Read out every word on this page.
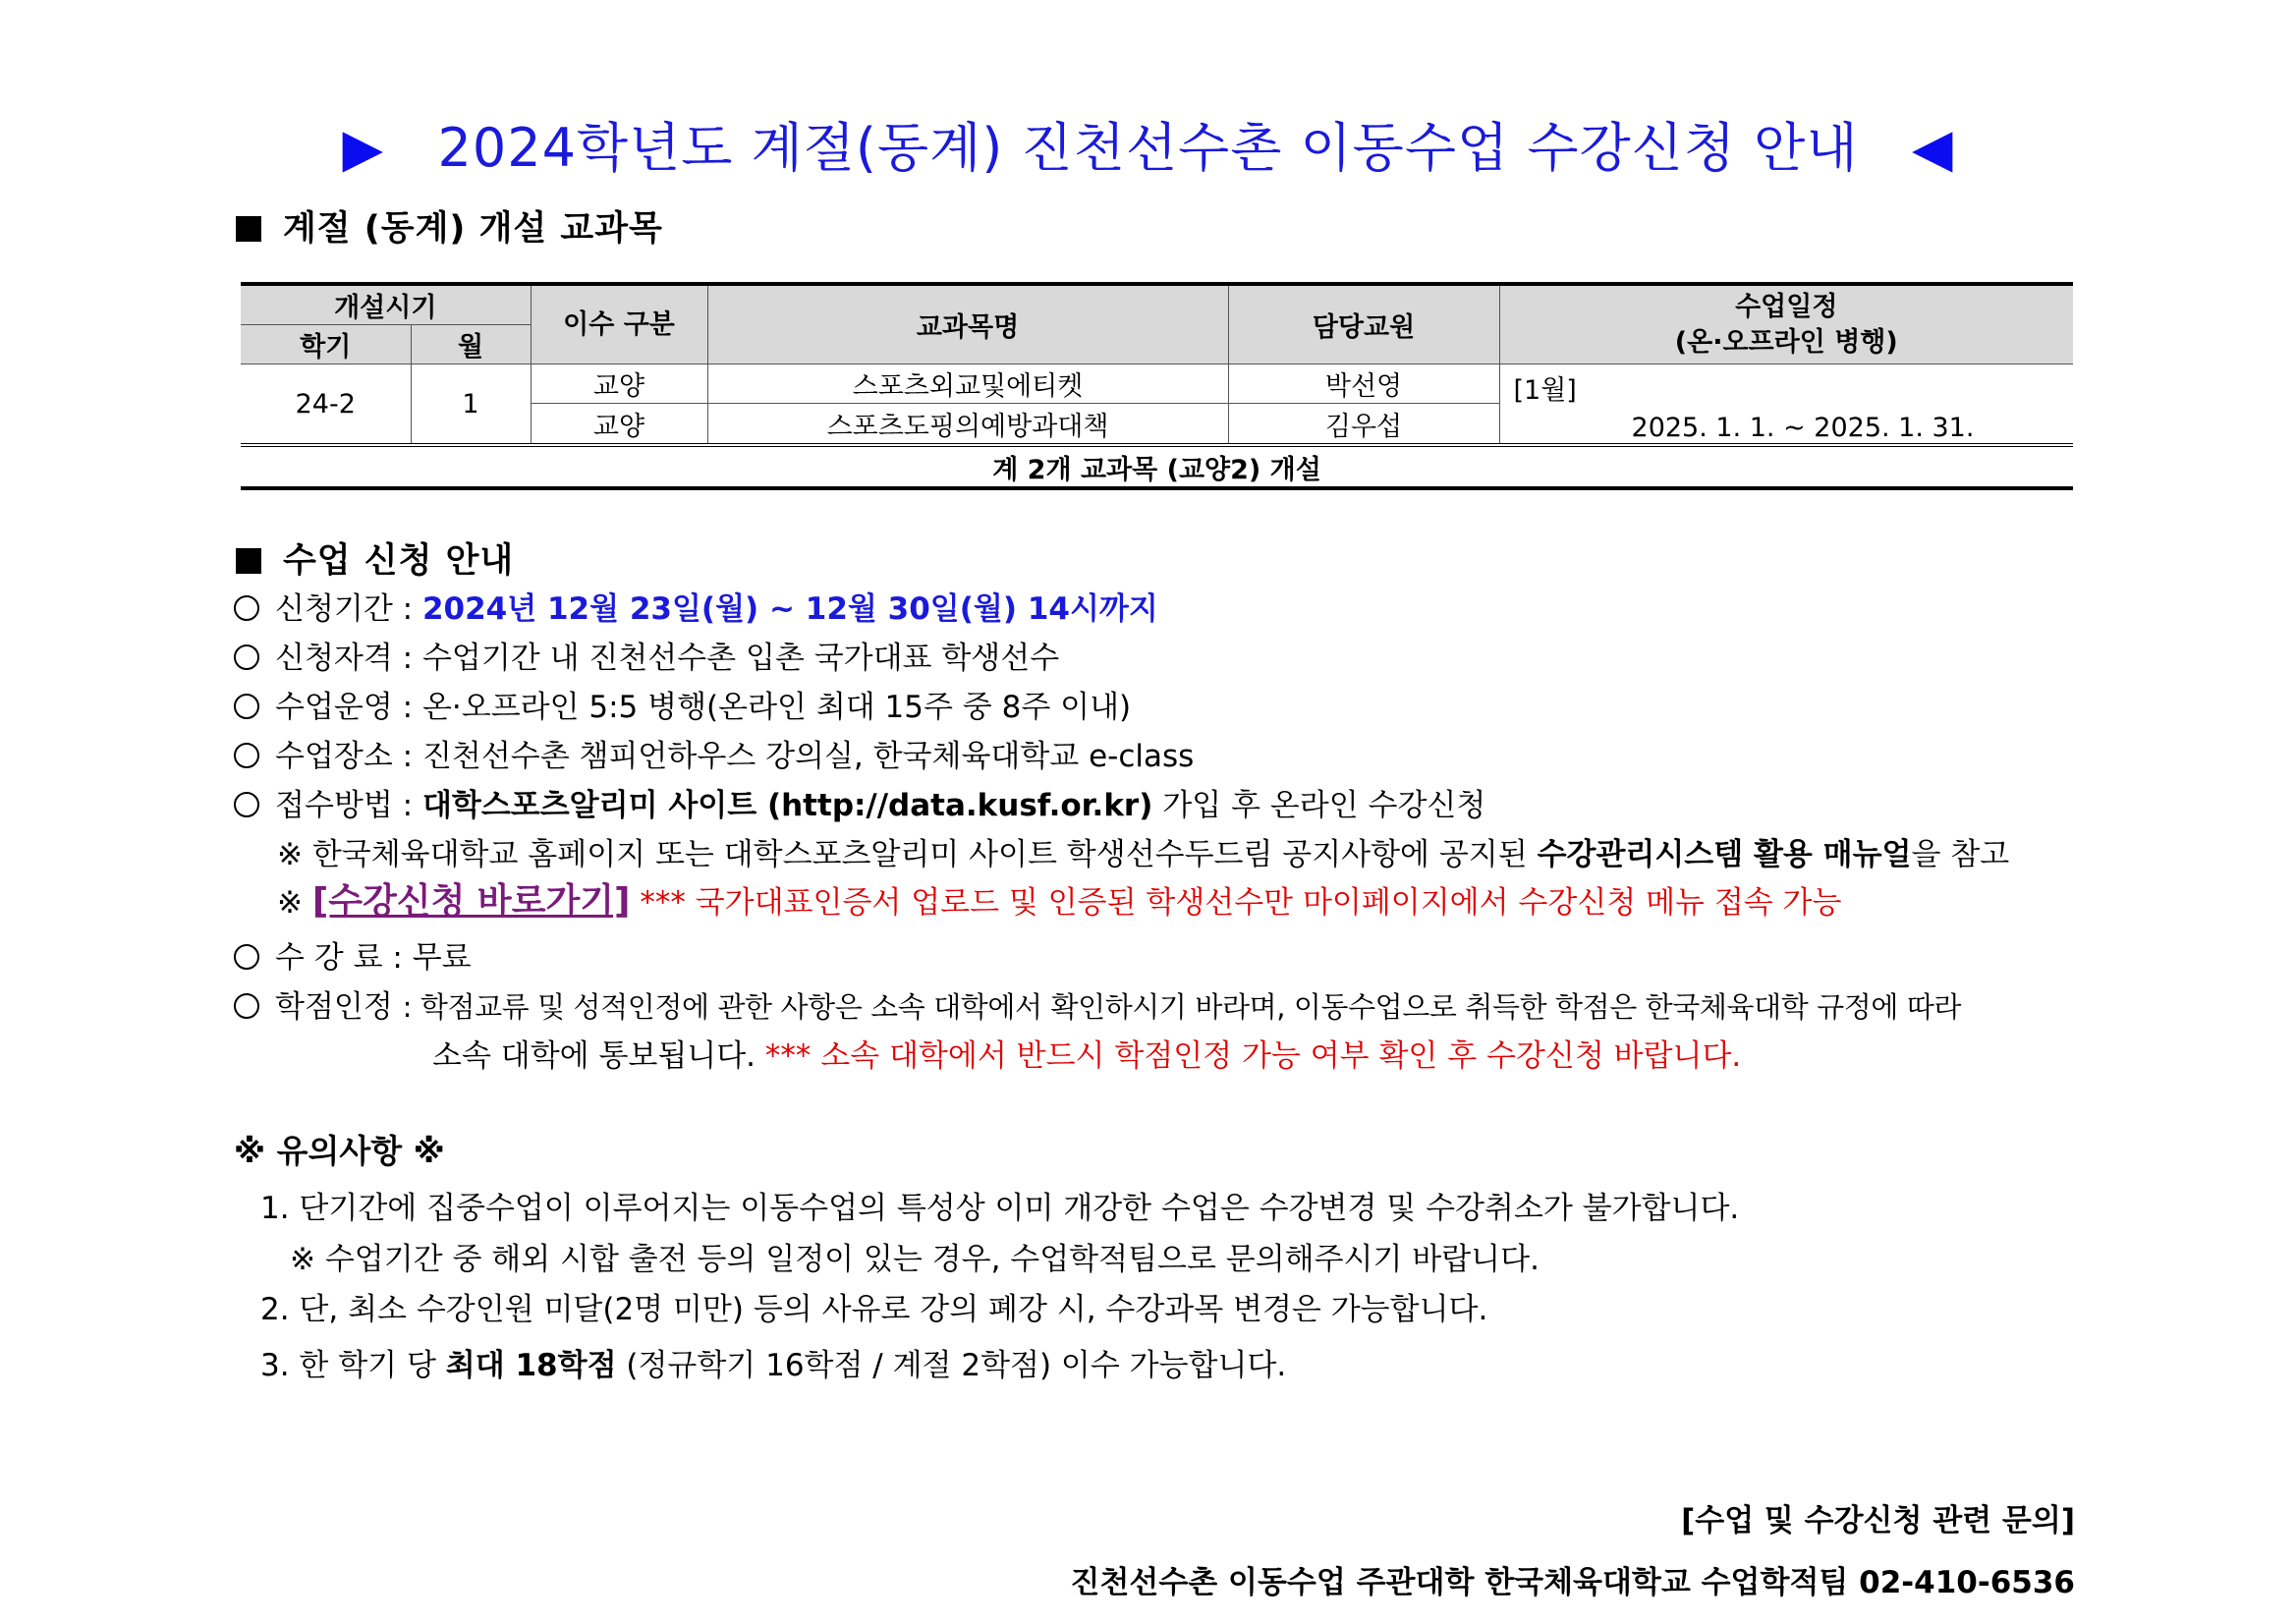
▶ 2024학년도 계절(동계) 진천선수촌 이동수업 수강신청 안내 ◀
계절 (동계) 개설 교과목
개설시기		이수 구분	교과목명	담당교원	수업일정
(온·오프라인 병행)
학기	월				
24-2	1	교양	스포츠외교및에티켓	박선영	[1월]
2025. 1. 1. ~ 2025. 1. 31.

		교양	스포츠도핑의예방과대책	김우섭	
계 2개 교과목 (교양2) 개설					
수업 신청 안내
신청기간 : 2024년 12월 23일(월) ~ 12월 30일(월) 14시까지
신청자격 : 수업기간 내 진천선수촌 입촌 국가대표 학생선수
수업운영 : 온·오프라인 5:5 병행(온라인 최대 15주 중 8주 이내)
수업장소 : 진천선수촌 챔피언하우스 강의실, 한국체육대학교 e-class
접수방법 : 대학스포츠알리미 사이트 (http://data.kusf.or.kr) 가입 후 온라인 수강신청
※ 한국체육대학교 홈페이지 또는 대학스포츠알리미 사이트 학생선수두드림 공지사항에 공지된 수강관리시스템 활용 매뉴얼을 참고
※ [수강신청 바로가기] *** 국가대표인증서 업로드 및 인증된 학생선수만 마이페이지에서 수강신청 메뉴 접속 가능
수 강 료 : 무료
학점인정 : 학점교류 및 성적인정에 관한 사항은 소속 대학에서 확인하시기 바라며, 이동수업으로 취득한 학점은 한국체육대학 규정에 따라
소속 대학에 통보됩니다. *** 소속 대학에서 반드시 학점인정 가능 여부 확인 후 수강신청 바랍니다.
※ 유의사항 ※
1. 단기간에 집중수업이 이루어지는 이동수업의 특성상 이미 개강한 수업은 수강변경 및 수강취소가 불가합니다.
※ 수업기간 중 해외 시합 출전 등의 일정이 있는 경우, 수업학적팀으로 문의해주시기 바랍니다.
2. 단, 최소 수강인원 미달(2명 미만) 등의 사유로 강의 폐강 시, 수강과목 변경은 가능합니다.
3. 한 학기 당 최대 18학점 (정규학기 16학점 / 계절 2학점) 이수 가능합니다.
[수업 및 수강신청 관련 문의]
진천선수촌 이동수업 주관대학 한국체육대학교 수업학적팀 02-410-6536
